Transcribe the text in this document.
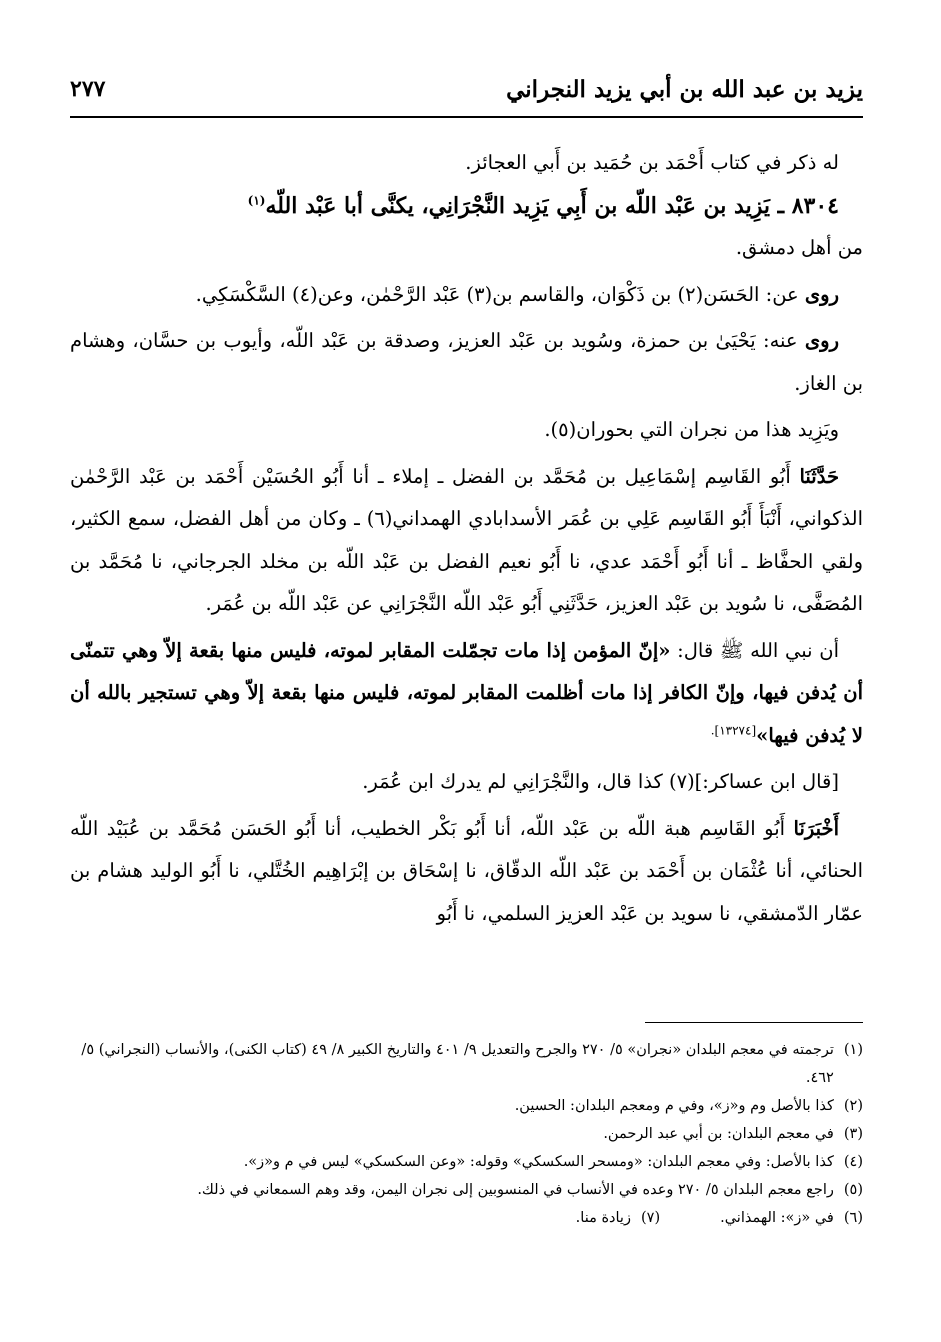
يزيد بن عبد الله بن أبي يزيد النجراني
٢٧٧

له ذكر في كتاب أَحْمَد بن حُمَيد بن أَبي العجائز.

٨٣٠٤ ـ يَزِيد بن عَبْد اللّه بن أَبِي يَزِيد النَّجْرَانِي، يكنَّى أبا عَبْد اللّه$^{(١)}$

من أهل دمشق.

روى عن: الحَسَن(٢) بن ذَكْوَان، والقاسم بن(٣) عَبْد الرَّحْمٰن، وعن(٤) السَّكْسَكِي.

روى عنه: يَحْيَىٰ بن حمزة، وسُويد بن عَبْد العزيز، وصدقة بن عَبْد اللّه، وأيوب بن حسَّان، وهشام بن الغاز.

ويَزِيد هذا من نجران التي بحوران(٥).

حَدَّثَنَا أَبُو القَاسِم إسْمَاعِيل بن مُحَمَّد بن الفضل ـ إملاء ـ أنا أَبُو الحُسَيْن أَحْمَد بن عَبْد الرَّحْمٰن الذكواني، أَنْبَأَ أَبُو القَاسِم عَلِي بن عُمَر الأسدابادي الهمداني(٦) ـ وكان من أهل الفضل، سمع الكثير، ولقي الحفَّاظ ـ أنا أَبُو أَحْمَد عدي، نا أَبُو نعيم الفضل بن عَبْد اللّه بن مخلد الجرجاني، نا مُحَمَّد بن المُصَفَّى، نا سُويد بن عَبْد العزيز، حَدَّثَنِي أَبُو عَبْد اللّه النَّجْرَانِي عن عَبْد اللّه بن عُمَر.

أن نبي الله ﷺ قال: «إنّ المؤمن إذا مات تجمّلت المقابر لموته، فليس منها بقعة إلاّ وهي تتمنّى أن يُدفن فيها، وإنّ الكافر إذا مات أظلمت المقابر لموته، فليس منها بقعة إلاّ وهي تستجير بالله أن لا يُدفن فيها»$^{[١٣٢٧٤].}$

[قال ابن عساكر:](٧) كذا قال، والنَّجْرَانِي لم يدرك ابن عُمَر.

أَخْبَرَنَا أَبُو القَاسِم هبة اللّه بن عَبْد اللّه، أنا أَبُو بَكْر الخطيب، أنا أَبُو الحَسَن مُحَمَّد بن عُبَيْد اللّه الحنائي، أنا عُثْمَان بن أَحْمَد بن عَبْد اللّه الدقّاق، نا إسْحَاق بن إبْرَاهِيم الخُتَّلي، نا أَبُو الوليد هشام بن عمّار الدّمشقي، نا سويد بن عَبْد العزيز السلمي، نا أَبُو

(١)
ترجمته في معجم البلدان «نجران» ٥/ ٢٧٠ والجرح والتعديل ٩/ ٤٠١ والتاريخ الكبير ٨/ ٤٩ (كتاب الكنى)، والأنساب (النجراني) ٥/ ٤٦٢.
(٢)
كذا بالأصل وم و«ز»، وفي م ومعجم البلدان: الحسين.
(٣)
في معجم البلدان: بن أبي عبد الرحمن.
(٤)
كذا بالأصل: وفي معجم البلدان: «ومسحر السكسكي» وقوله: «وعن السكسكي» ليس في م و«ز».
(٥)
راجع معجم البلدان ٥/ ٢٧٠ وعده في الأنساب في المنسوبين إلى نجران اليمن، وقد وهم السمعاني في ذلك.
(٦)
في «ز»: الهمذاني.
(٧)
زيادة منا.
